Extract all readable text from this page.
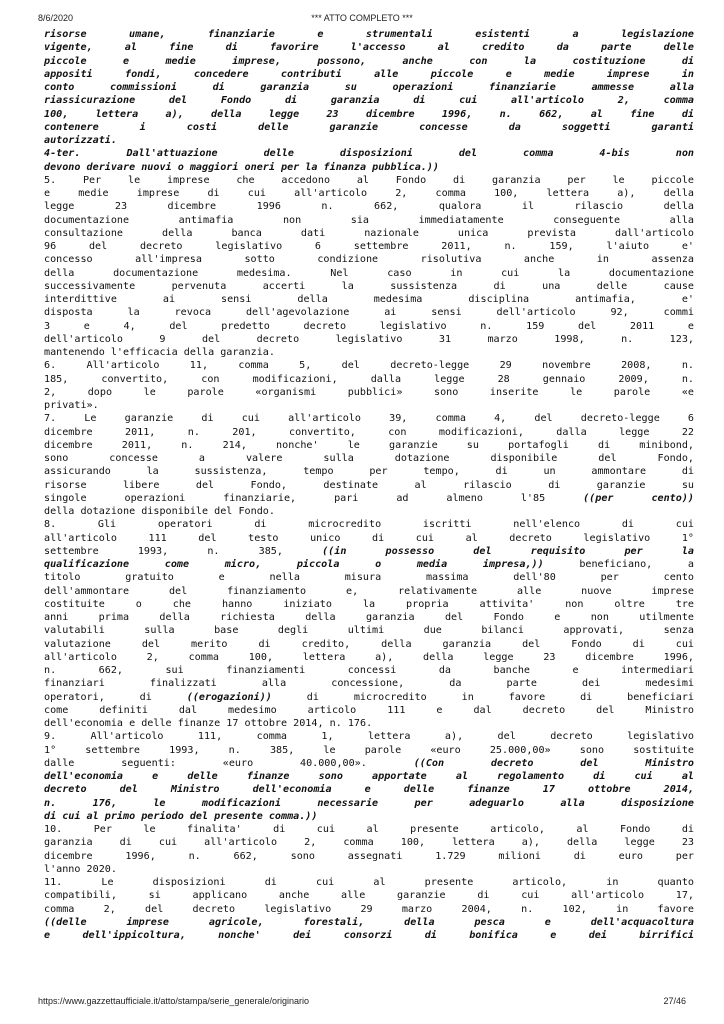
8/6/2020	*** ATTO COMPLETO ***
risorse umane, finanziarie e strumentali esistenti a legislazione
vigente, al fine di favorire l'accesso al credito da parte delle
piccole e medie imprese, possono, anche con la costituzione di
appositi fondi, concedere contributi alle piccole e medie imprese in
conto commissioni di garanzia su operazioni finanziarie ammesse alla
riassicurazione del Fondo di garanzia di cui all'articolo 2, comma
100, lettera a), della legge 23 dicembre 1996, n. 662, al fine di
contenere i costi delle garanzie concesse da soggetti garanti
autorizzati.
4-ter. Dall'attuazione delle disposizioni del comma 4-bis non
devono derivare nuovi o maggiori oneri per la finanza pubblica.))
5. Per le imprese che accedono al Fondo di garanzia per le piccole
e medie imprese di cui all'articolo 2, comma 100, lettera a), della
legge 23 dicembre 1996 n. 662, qualora il rilascio della
documentazione antimafia non sia immediatamente conseguente alla
consultazione della banca dati nazionale unica prevista dall'articolo
96 del decreto legislativo 6 settembre 2011, n. 159, l'aiuto e'
concesso all'impresa sotto condizione risolutiva anche in assenza
della documentazione medesima. Nel caso in cui la documentazione
successivamente pervenuta accerti la sussistenza di una delle cause
interdittive ai sensi della medesima disciplina antimafia, e'
disposta la revoca dell'agevolazione ai sensi dell'articolo 92, commi
3 e 4, del predetto decreto legislativo n. 159 del 2011 e
dell'articolo 9 del decreto legislativo 31 marzo 1998, n. 123,
mantenendo l'efficacia della garanzia.
6. All'articolo 11, comma 5, del decreto-legge 29 novembre 2008, n.
185, convertito, con modificazioni, dalla legge 28 gennaio 2009, n.
2, dopo le parole «organismi pubblici» sono inserite le parole «e
privati».
7. Le garanzie di cui all'articolo 39, comma 4, del decreto-legge 6
dicembre 2011, n. 201, convertito, con modificazioni, dalla legge 22
dicembre 2011, n. 214, nonche' le garanzie su portafogli di minibond,
sono concesse a valere sulla dotazione disponibile del Fondo,
assicurando la sussistenza, tempo per tempo, di un ammontare di
risorse libere del Fondo, destinate al rilascio di garanzie su
singole operazioni finanziarie, pari ad almeno l'85	((per cento))
della dotazione disponibile del Fondo.
8. Gli operatori di microcredito iscritti nell'elenco di cui
all'articolo 111 del testo unico di cui al decreto legislativo 1°
settembre 1993, n. 385,	((in possesso del requisito per la
qualificazione come micro, piccola o media impresa,)) beneficiano, a
titolo gratuito e nella misura massima dell'80 per cento
dell'ammontare del finanziamento e, relativamente alle nuove imprese
costituite o che hanno iniziato la propria attivita' non oltre tre
anni prima della richiesta della garanzia del Fondo e non utilmente
valutabili sulla base degli ultimi due bilanci approvati, senza
valutazione del merito di credito, della garanzia del Fondo di cui
all'articolo 2, comma 100, lettera a), della legge 23 dicembre 1996,
n. 662, sui finanziamenti concessi da banche e intermediari
finanziari finalizzati alla concessione, da parte dei medesimi
operatori, di	((erogazioni)) di microcredito in favore di beneficiari
come definiti dal medesimo articolo 111 e dal decreto del Ministro
dell'economia e delle finanze 17 ottobre 2014, n. 176.
9. All'articolo 111, comma 1, lettera a), del decreto legislativo
1° settembre 1993, n. 385, le parole «euro 25.000,00» sono sostituite
dalle seguenti: «euro 40.000,00».	((Con decreto del Ministro
dell'economia e delle finanze sono apportate al regolamento di cui al
decreto del Ministro dell'economia e delle finanze 17 ottobre 2014,
n. 176, le modificazioni necessarie per adeguarlo alla disposizione
di cui al primo periodo del presente comma.))
10. Per le finalita' di cui al presente articolo, al Fondo di
garanzia di cui all'articolo 2, comma 100, lettera a), della legge 23
dicembre 1996, n. 662, sono assegnati 1.729 milioni di euro per
l'anno 2020.
11. Le disposizioni di cui al presente articolo, in quanto
compatibili, si applicano anche alle garanzie di cui all'articolo 17,
comma 2, del decreto legislativo 29 marzo 2004, n. 102, in favore
((delle imprese agricole, forestali, della pesca e dell'acquacoltura
e dell'ippicoltura, nonche' dei consorzi di bonifica e dei birrifici
https://www.gazzettaufficiale.it/atto/stampa/serie_generale/originario	27/46
